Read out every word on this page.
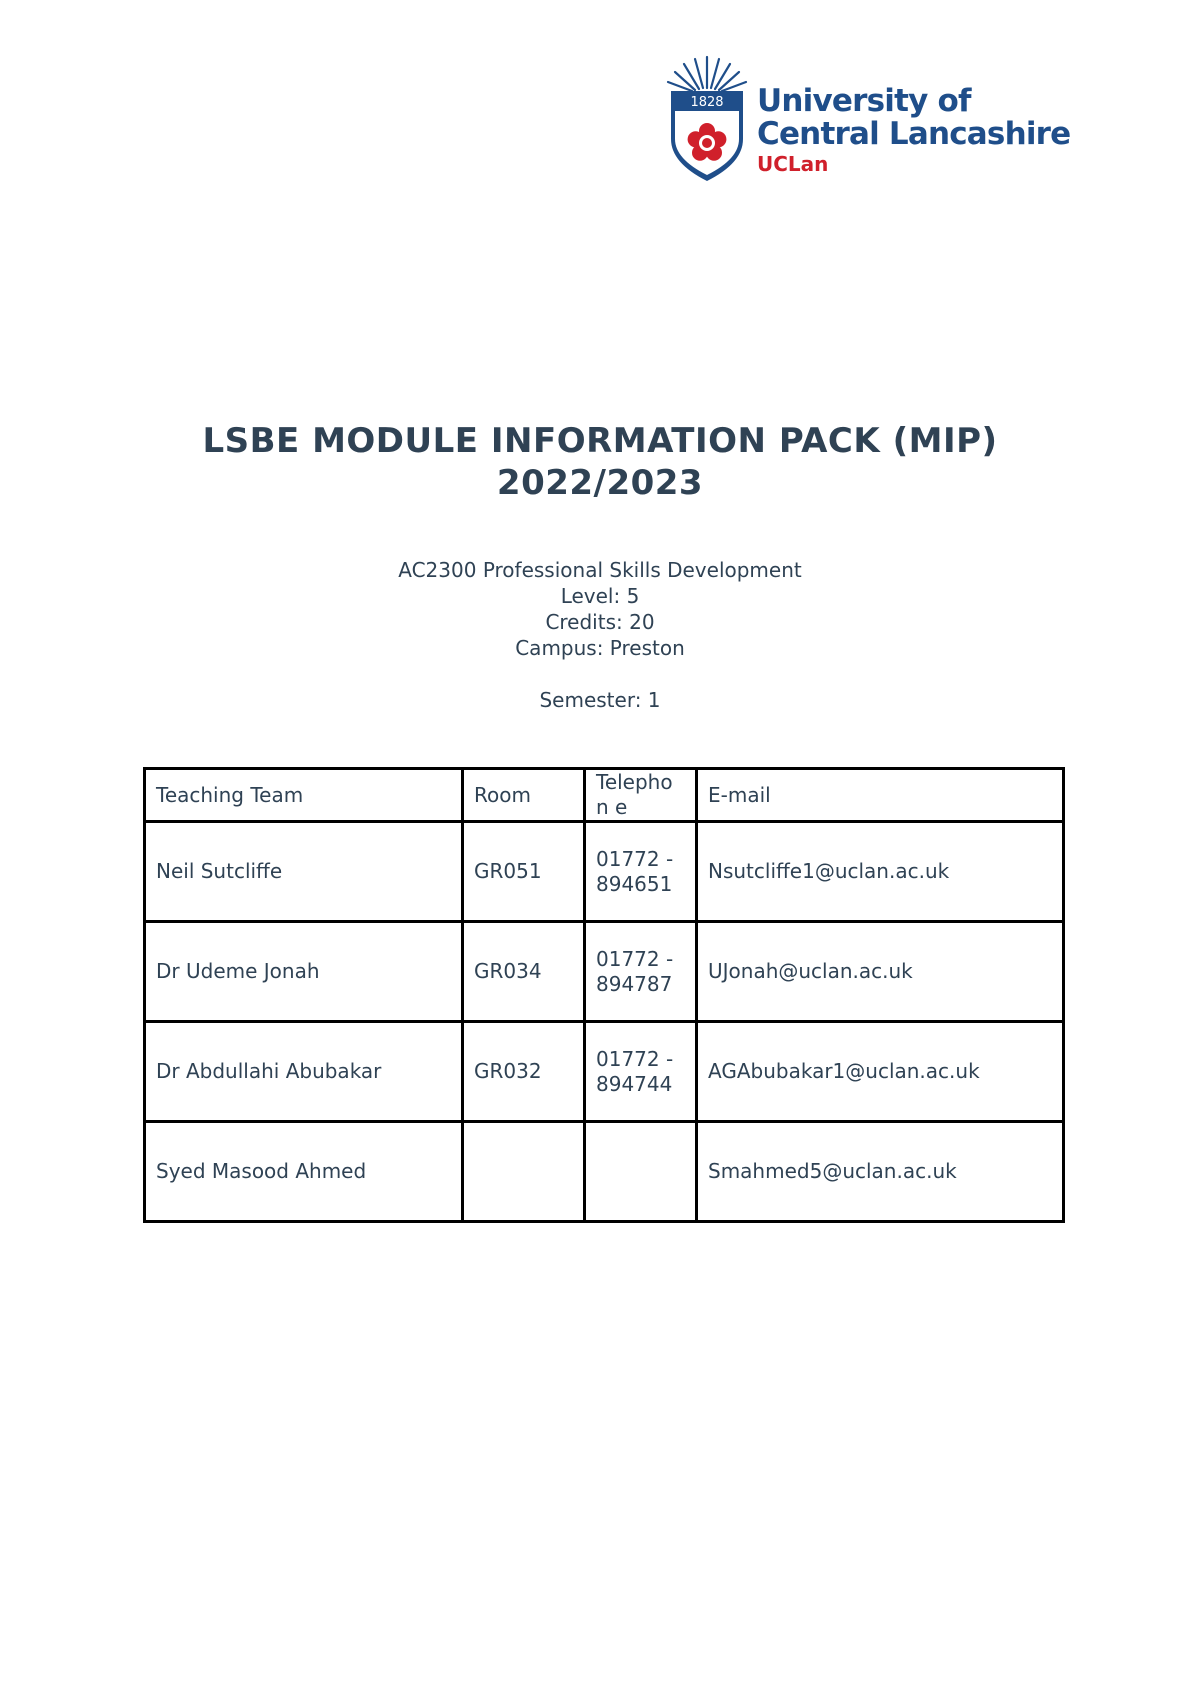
1828 University of
Central Lancashire
UCLan
LSBE MODULE INFORMATION PACK (MIP)
2022/2023
AC2300 Professional Skills Development
Level: 5
Credits: 20
Campus: Preston
Semester: 1
Teaching Team	Room	Telephon e	E-mail
Neil Sutcliffe	GR051	01772 - 894651	Nsutcliffe1@uclan.ac.uk
Dr Udeme Jonah	GR034	01772 - 894787	UJonah@uclan.ac.uk
Dr Abdullahi Abubakar	GR032	01772 - 894744	AGAbubakar1@uclan.ac.uk
Syed Masood Ahmed			Smahmed5@uclan.ac.uk
